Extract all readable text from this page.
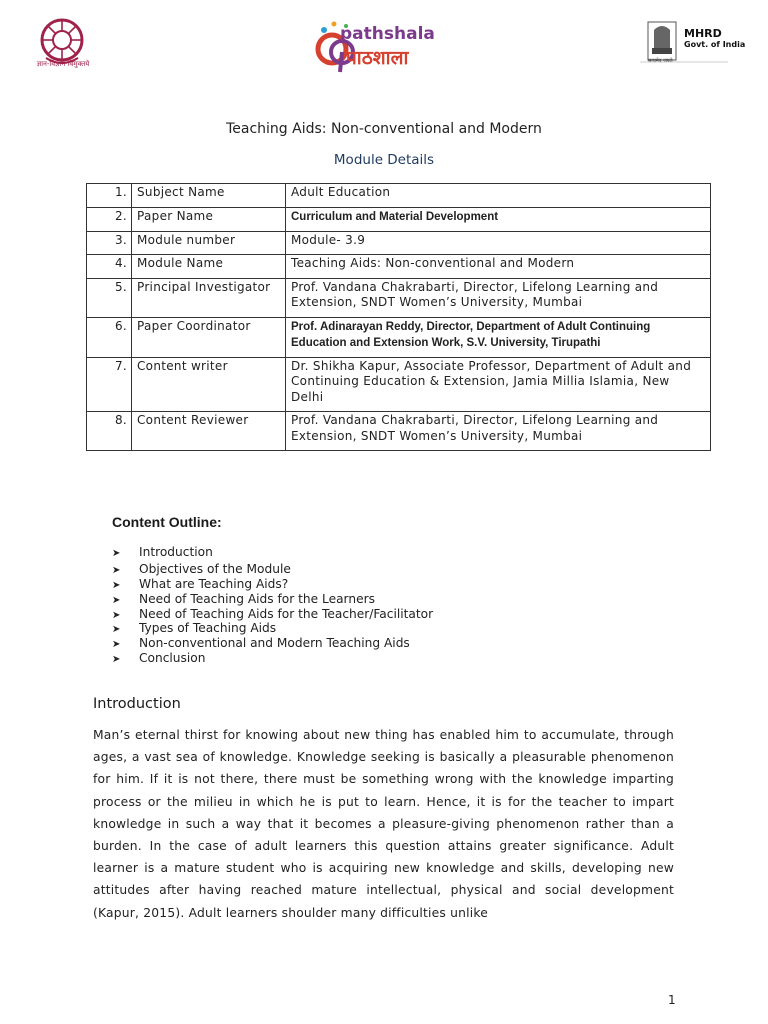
ज्ञान-विज्ञान विमुक्तये
pathshala
पाठशाला
MHRD
Govt. of India
सत्यमेव जयते
Teaching Aids: Non-conventional and Modern
Module Details
1.	Subject Name	Adult Education
2.	Paper Name	Curriculum and Material Development
3.	Module number	Module- 3.9
4.	Module Name	Teaching Aids: Non-conventional and Modern
5.	Principal Investigator	Prof. Vandana Chakrabarti, Director, Lifelong Learning and Extension, SNDT Women’s University, Mumbai
6.	Paper Coordinator	Prof. Adinarayan Reddy, Director, Department of Adult Continuing Education and Extension Work, S.V. University, Tirupathi
7.	Content writer	Dr. Shikha Kapur, Associate Professor, Department of Adult and Continuing Education & Extension, Jamia Millia Islamia, New Delhi
8.	Content Reviewer	Prof. Vandana Chakrabarti, Director, Lifelong Learning and Extension, SNDT Women’s University, Mumbai
Content Outline:
➤ Introduction
➤ Objectives of the Module
➤ What are Teaching Aids?
➤ Need of Teaching Aids for the Learners
➤ Need of Teaching Aids for the Teacher/Facilitator
➤ Types of Teaching Aids
➤ Non-conventional and Modern Teaching Aids
➤ Conclusion
Introduction
Man’s eternal thirst for knowing about new thing has enabled him to accumulate, through ages, a vast sea of knowledge. Knowledge seeking is basically a pleasurable phenomenon for him. If it is not there, there must be something wrong with the knowledge imparting process or the milieu in which he is put to learn. Hence, it is for the teacher to impart knowledge in such a way that it becomes a pleasure-giving phenomenon rather than a burden. In the case of adult learners this question attains greater significance. Adult learner is a mature student who is acquiring new knowledge and skills, developing new attitudes after having reached mature intellectual, physical and social development (Kapur, 2015). Adult learners shoulder many difficulties unlike
1
